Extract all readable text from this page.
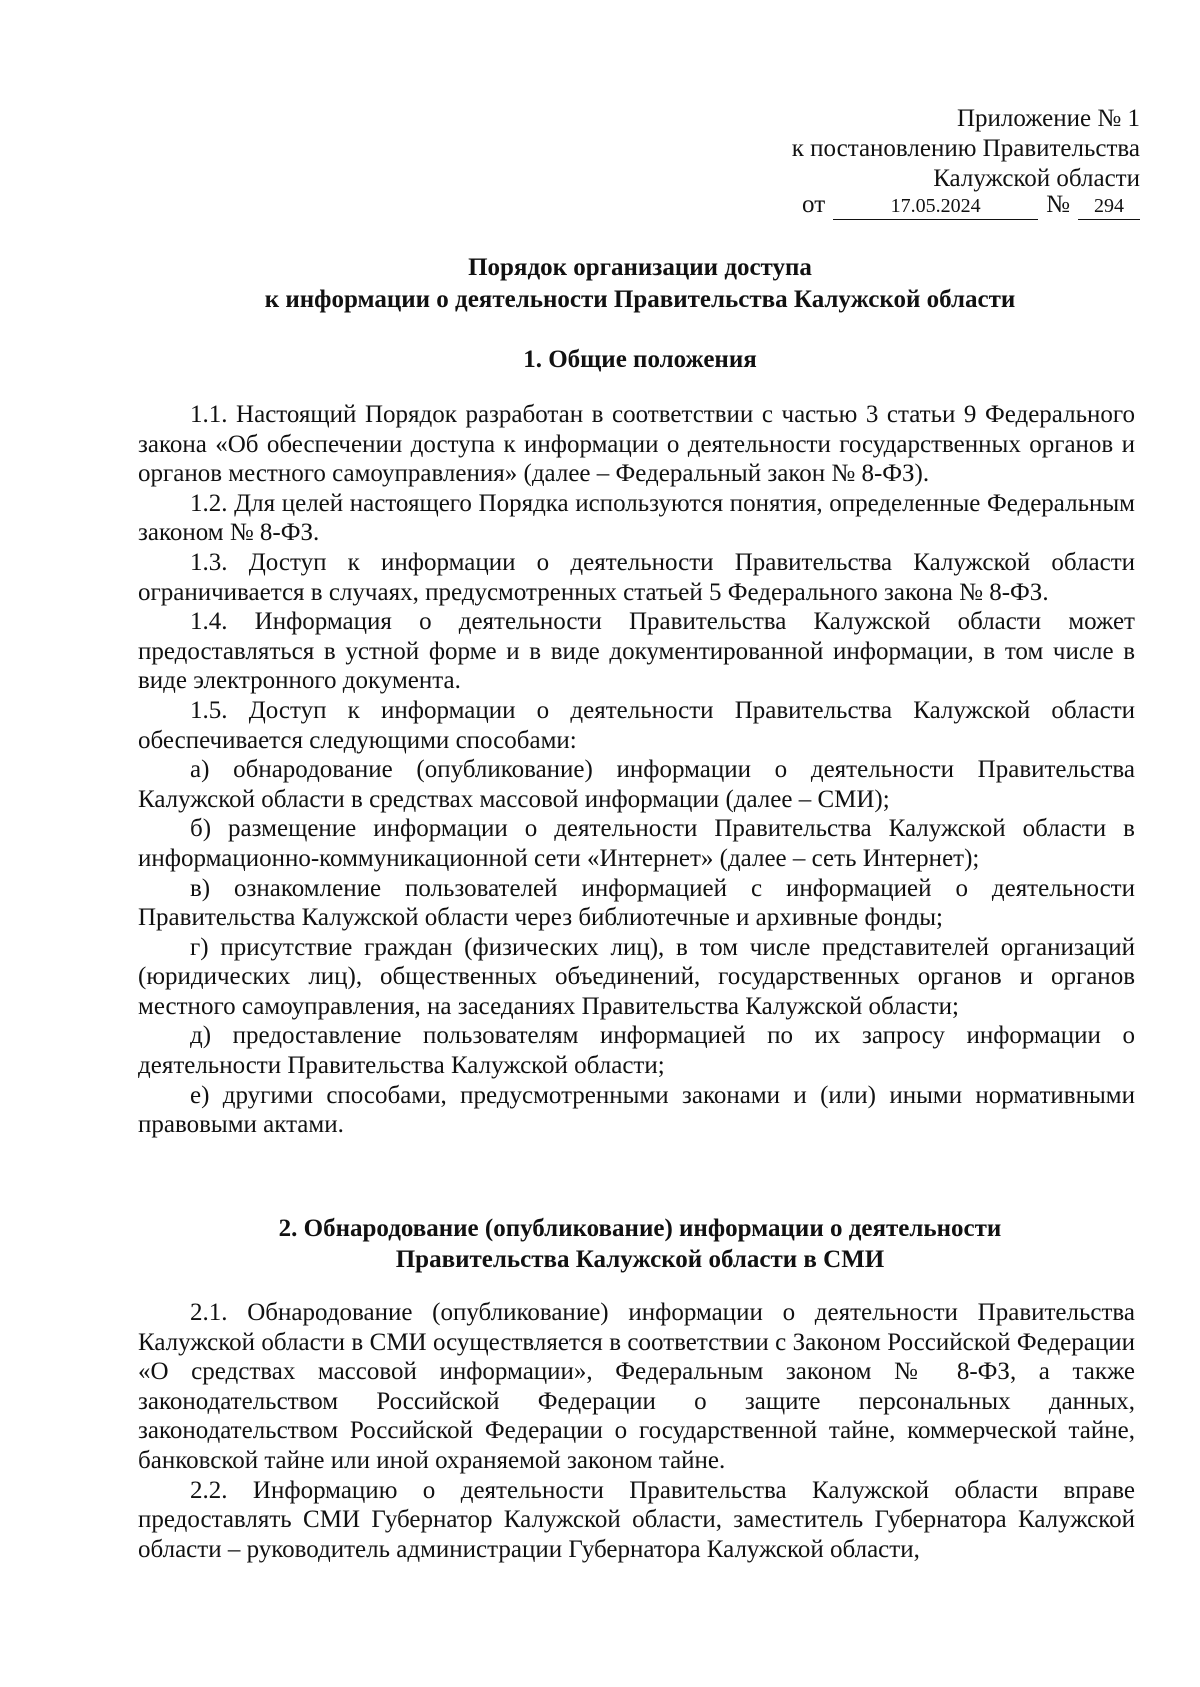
Приложение № 1
к постановлению Правительства
Калужской области
от	17.05.2024	№	294
Порядок организации доступа
к информации о деятельности Правительства Калужской области
1. Общие положения

1.1. Настоящий Порядок разработан в соответствии с частью 3 статьи 9 Федерального закона «Об обеспечении доступа к информации о деятельности государственных органов и органов местного самоуправления» (далее – Федеральный закон № 8-ФЗ).

1.2. Для целей настоящего Порядка используются понятия, определенные Федеральным законом № 8-ФЗ.

1.3. Доступ к информации о деятельности Правительства Калужской области ограничивается в случаях, предусмотренных статьей 5 Федерального закона № 8-ФЗ.

1.4. Информация о деятельности Правительства Калужской области может предоставляться в устной форме и в виде документированной информации, в том числе в виде электронного документа.

1.5. Доступ к информации о деятельности Правительства Калужской области обеспечивается следующими способами:

а) обнародование (опубликование) информации о деятельности Правительства Калужской области в средствах массовой информации (далее – СМИ);

б) размещение информации о деятельности Правительства Калужской области в информационно-коммуникационной сети «Интернет» (далее – сеть Интернет);

в) ознакомление пользователей информацией с информацией о деятельности Правительства Калужской области через библиотечные и архивные фонды;

г) присутствие граждан (физических лиц), в том числе представителей организаций (юридических лиц), общественных объединений, государственных органов и органов местного самоуправления, на заседаниях Правительства Калужской области;

д) предоставление пользователям информацией по их запросу информации о деятельности Правительства Калужской области;

е) другими способами, предусмотренными законами и (или) иными нормативными правовыми актами.

2. Обнародование (опубликование) информации о деятельности
Правительства Калужской области в СМИ

2.1. Обнародование (опубликование) информации о деятельности Правительства Калужской области в СМИ осуществляется в соответствии с Законом Российской Федерации «О средствах массовой информации», Федеральным законом № 8-ФЗ, а также законодательством Российской Федерации о защите персональных данных, законодательством Российской Федерации о государственной тайне, коммерческой тайне, банковской тайне или иной охраняемой законом тайне.

2.2. Информацию о деятельности Правительства Калужской области вправе предоставлять СМИ Губернатор Калужской области, заместитель Губернатора Калужской области – руководитель администрации Губернатора Калужской области,
